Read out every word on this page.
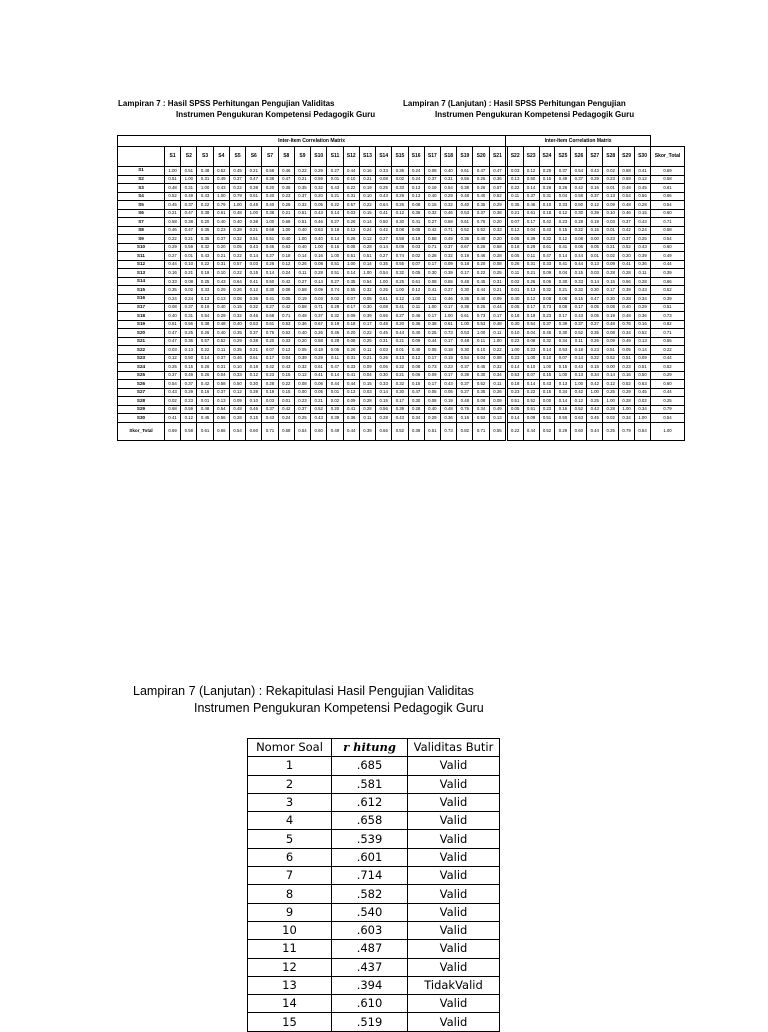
Lampiran 7 : Hasil SPSS Perhitungan Pengujian Validitas
Instrumen Pengukuran Kompetensi Pedagogik Guru
Lampiran 7 (Lanjutan) : Hasil SPSS Perhitungan Pengujian
Instrumen Pengukuran Kompetensi Pedagogik Guru
Inter-Item Correlation Matrix																						Inter-Item Correlation Matrix										
	S1	S2	S3	S4	S5	S6	S7	S8	S9	S10	S11	S12	S13	S14	S15	S16	S17	S18	S19	S20	S21		S22	S23	S24	S25	S26	S27	S28	S29	S30	Skor_Total
S1	1.00	0.51	0.48	0.52	0.45	0.21	0.58	0.46	0.22	0.29	0.27	0.44	0.16	0.33	0.35	0.24	0.08	0.40	0.61	0.47	0.47		0.03	0.12	0.25	0.37	0.54	0.43	0.02	0.68	0.41	0.69
S2	0.51	1.00	0.31	0.49	0.37	0.47	0.38	0.47	0.21	0.59	0.01	0.10	0.21	0.08	0.02	0.24	0.37	0.31	0.56	0.25	0.36		0.13	0.50	0.15	0.49	0.37	0.29	0.23	0.59	0.12	0.58
S3	0.48	0.31	1.00	0.43	0.22	0.38	0.20	0.35	0.35	0.32	0.43	0.22	0.19	0.25	0.33	0.13	0.19	0.54	0.38	0.26	0.57		0.22	0.14	0.26	0.26	0.42	0.16	0.01	0.48	0.45	0.61
S4	0.52	0.49	0.43	1.00	0.79	0.61	0.40	0.23	0.37	0.20	0.21	0.31	0.10	0.43	0.29	0.13	0.40	0.29	0.48	0.40	0.52		0.11	0.37	0.31	0.04	0.58	0.37	0.13	0.54	0.56	0.66
S5	0.45	0.37	0.22	0.79	1.00	0.48	0.40	0.28	0.32	0.05	0.22	0.57	0.22	0.64	0.26	0.08	0.15	0.32	0.40	0.35	0.29		0.35	0.46	0.10	0.33	0.50	0.12	0.09	0.48	0.28	0.54
S6	0.21	0.47	0.38	0.61	0.48	1.00	0.38	0.21	0.51	0.43	0.14	0.03	0.15	0.41	0.12	0.36	0.32	0.46	0.53	0.37	0.38		0.21	0.61	0.18	0.12	0.30	0.39	0.10	0.46	0.15	0.60
S7	0.58	0.38	0.20	0.40	0.40	0.38	1.00	0.68	0.51	0.46	0.27	0.26	0.14	0.50	0.30	0.41	0.27	0.68	0.61	0.76	0.20		0.07	0.17	0.42	0.23	0.28	0.19	0.03	0.37	0.43	0.71
S8	0.46	0.47	0.35	0.23	0.28	0.21	0.68	1.00	0.40	0.63	0.18	0.12	0.24	0.42	0.08	0.05	0.42	0.71	0.52	0.52	0.33		0.12	0.04	0.43	0.15	0.22	0.15	0.01	0.42	0.24	0.58
S9	0.22	0.21	0.35	0.37	0.32	0.51	0.51	0.40	1.00	0.40	0.14	0.26	0.12	0.27	0.58	0.19	0.58	0.49	0.36	0.40	0.20		0.05	0.39	0.32	0.12	0.08	0.00	0.23	0.37	0.25	0.54
S10	0.29	0.59	0.32	0.20	0.05	0.43	0.46	0.63	0.40	1.00	0.16	0.08	0.28	0.14	0.09	0.03	0.71	0.37	0.67	0.26	0.58		0.18	0.29	0.61	0.41	0.06	0.05	0.21	0.52	0.43	0.60
S11	0.27	0.01	0.43	0.21	0.22	0.14	0.27	0.18	0.14	0.16	1.00	0.51	0.51	0.27	0.74	0.02	0.28	0.32	0.19	0.46	0.28		0.05	0.11	0.47	0.14	0.44	0.01	0.02	0.20	0.39	0.49
S12	0.44	0.10	0.22	0.31	0.57	0.03	0.26	0.12	0.26	0.08	0.51	1.00	0.14	0.35	0.55	0.07	0.17	0.09	0.18	0.20	0.08		0.26	0.31	0.33	0.41	0.44	0.13	0.09	0.41	0.36	0.44
S13	0.16	0.21	0.19	0.10	0.22	0.15	0.14	0.24	0.11	0.28	0.51	0.14	1.00	0.54	0.32	0.05	0.30	0.39	0.17	0.22	0.25		0.11	0.21	0.09	0.04	0.15	0.03	0.28	0.28	0.11	0.39
S14	0.33	0.08	0.25	0.43	0.64	0.41	0.50	0.42	0.27	0.14	0.27	0.35	0.54	1.00	0.25	0.61	0.08	0.65	0.48	0.45	0.31		0.02	0.26	0.06	0.30	0.33	0.14	0.15	0.56	0.28	0.66
S15	0.35	0.02	0.33	0.29	0.26	0.12	0.30	0.08	0.58	0.09	0.74	0.55	0.32	0.25	1.00	0.12	0.41	0.27	0.30	0.44	0.21		0.01	0.13	0.32	0.21	0.32	0.30	0.17	0.39	0.43	0.52
S16	0.24	0.24	0.13	0.13	0.08	0.36	0.41	0.05	0.19	0.03	0.02	0.07	0.05	0.61	0.12	1.00	0.11	0.46	0.36	0.40	0.09		0.40	0.12	0.08	0.06	0.15	0.47	0.30	0.28	0.34	0.39
S17	0.08	0.37	0.19	0.40	0.15	0.32	0.27	0.42	0.58	0.71	0.28	0.17	0.30	0.08	0.41	0.11	1.00	0.17	0.38	0.25	0.44		0.05	0.17	0.73	0.09	0.17	0.05	0.08	0.40	0.29	0.51
S18	0.40	0.31	0.54	0.29	0.32	0.46	0.68	0.71	0.49	0.37	0.32	0.09	0.39	0.65	0.27	0.46	0.17	1.00	0.61	0.73	0.17		0.18	0.19	0.23	0.17	0.43	0.05	0.19	0.48	0.36	0.73
S19	0.61	0.56	0.38	0.48	0.40	0.53	0.61	0.53	0.36	0.67	0.19	0.18	0.17	0.48	0.20	0.36	0.38	0.61	1.00	0.53	0.48		0.30	0.54	0.37	0.39	0.37	0.27	0.48	0.76	0.16	0.82
S20	0.47	0.25	0.26	0.40	0.35	0.37	0.76	0.52	0.40	0.26	0.46	0.20	0.22	0.45	0.44	0.40	0.25	0.73	0.53	1.00	0.11		0.10	0.04	0.45	0.30	0.52	0.35	0.08	0.34	0.52	0.71
S21	0.47	0.36	0.57	0.52	0.29	0.38	0.20	0.33	0.20	0.58	0.28	0.08	0.25	0.31	0.21	0.09	0.44	0.17	0.48	0.11	1.00		0.22	0.08	0.32	0.34	0.11	0.26	0.09	0.49	0.13	0.55
S22	0.03	0.13	0.22	0.11	0.35	0.21	0.07	0.12	0.05	0.18	0.05	0.26	0.11	0.03	0.01	0.40	0.05	0.18	0.30	0.10	0.22		1.00	0.23	0.14	0.53	0.18	0.23	0.51	0.05	0.14	0.22
S23	0.12	0.50	0.14	0.37	0.46	0.61	0.17	0.04	0.39	0.29	0.11	0.31	0.21	0.26	0.13	0.12	0.17	0.19	0.54	0.04	0.08		0.23	1.00	0.10	0.07	0.14	0.22	0.52	0.51	0.09	0.44
S24	0.25	0.15	0.26	0.31	0.10	0.18	0.42	0.43	0.32	0.61	0.47	0.33	0.09	0.06	0.32	0.08	0.73	0.23	0.37	0.45	0.32		0.14	0.10	1.00	0.15	0.43	0.15	0.00	0.23	0.51	0.52
S25	0.37	0.49	0.26	0.04	0.33	0.12	0.23	0.15	0.12	0.41	0.14	0.41	0.04	0.30	0.21	0.06	0.09	0.17	0.39	0.30	0.34		0.53	0.07	0.15	1.00	0.13	0.34	0.14	0.16	0.50	0.29
S26	0.54	0.37	0.42	0.58	0.50	0.30	0.28	0.22	0.08	0.06	0.44	0.44	0.15	0.33	0.32	0.15	0.17	0.43	0.37	0.52	0.11		0.18	0.14	0.43	0.13	1.00	0.42	0.12	0.52	0.63	0.60
S27	0.43	0.29	0.16	0.37	0.12	0.39	0.19	0.15	0.00	0.05	0.01	0.13	0.03	0.14	0.30	0.47	0.05	0.05	0.27	0.35	0.26		0.23	0.22	0.15	0.34	0.42	1.00	0.25	0.29	0.45	0.44
S28	0.02	0.23	0.01	0.13	0.09	0.10	0.03	0.01	0.23	0.21	0.02	0.09	0.28	0.15	0.17	0.30	0.08	0.19	0.48	0.08	0.09		0.51	0.52	0.00	0.14	0.12	0.25	1.00	0.28	0.02	0.25
S29	0.68	0.59	0.48	0.54	0.48	0.46	0.37	0.42	0.37	0.52	0.20	0.41	0.28	0.56	0.39	0.28	0.40	0.48	0.76	0.34	0.49		0.05	0.51	0.23	0.16	0.52	0.43	0.28	1.00	0.34	0.79
S30	0.41	0.12	0.45	0.56	0.28	0.15	0.43	0.24	0.25	0.43	0.39	0.36	0.11	0.28	0.43	0.34	0.29	0.36	0.16	0.52	0.13		0.14	0.09	0.51	0.50	0.63	0.45	0.02	0.34	1.00	0.54
Skor_Total	0.69	0.58	0.61	0.66	0.54	0.60	0.71	0.58	0.54	0.60	0.49	0.44	0.39	0.66	0.52	0.39	0.51	0.73	0.82	0.71	0.55		0.22	0.44	0.52	0.29	0.60	0.44	0.25	0.79	0.54	1.00
Lampiran 7 (Lanjutan) : Rekapitulasi Hasil Pengujian Validitas
Instrumen Pengukuran Kompetensi Pedagogik Guru
Nomor Soal	r hitung	Validitas Butir
1	.685	Valid
2	.581	Valid
3	.612	Valid
4	.658	Valid
5	.539	Valid
6	.601	Valid
7	.714	Valid
8	.582	Valid
9	.540	Valid
10	.603	Valid
11	.487	Valid
12	.437	Valid
13	.394	TidakValid
14	.610	Valid
15	.519	Valid
